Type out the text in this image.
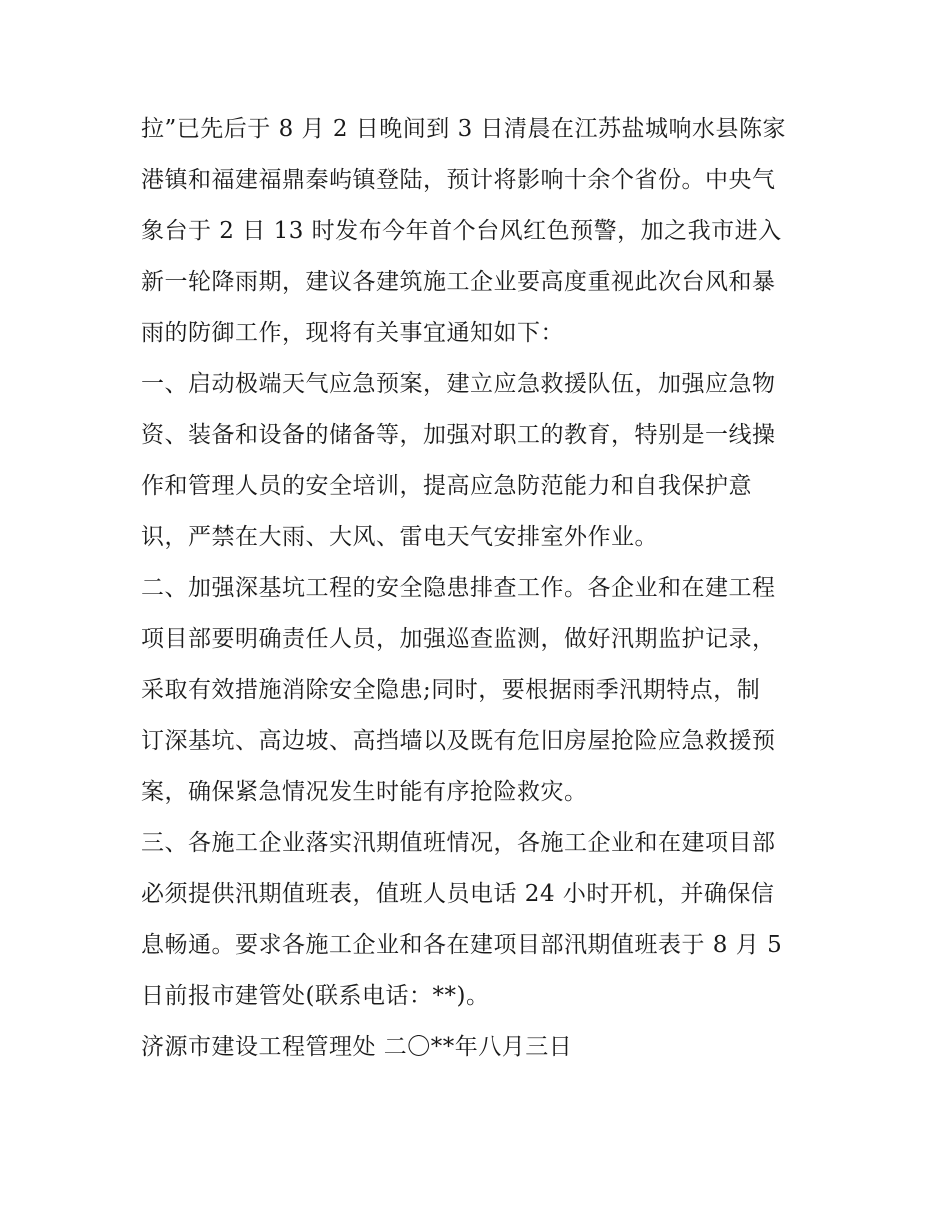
拉”已先后于 8 月 2 日晚间到 3 日清晨在江苏盐城响水县陈家
港镇和福建福鼎秦屿镇登陆，预计将影响十余个省份。中央气
象台于 2 日 13 时发布今年首个台风红色预警，加之我市进入
新一轮降雨期，建议各建筑施工企业要高度重视此次台风和暴
雨的防御工作，现将有关事宜通知如下：
一、启动极端天气应急预案，建立应急救援队伍，加强应急物
资、装备和设备的储备等，加强对职工的教育，特别是一线操
作和管理人员的安全培训，提高应急防范能力和自我保护意
识，严禁在大雨、大风、雷电天气安排室外作业。
二、加强深基坑工程的安全隐患排查工作。各企业和在建工程
项目部要明确责任人员，加强巡查监测，做好汛期监护记录，
采取有效措施消除安全隐患;同时，要根据雨季汛期特点，制
订深基坑、高边坡、高挡墙以及既有危旧房屋抢险应急救援预
案，确保紧急情况发生时能有序抢险救灾。
三、各施工企业落实汛期值班情况，各施工企业和在建项目部
必须提供汛期值班表，值班人员电话 24 小时开机，并确保信
息畅通。要求各施工企业和各在建项目部汛期值班表于 8 月 5
日前报市建管处(联系电话：**)。
济源市建设工程管理处 二〇**年八月三日
